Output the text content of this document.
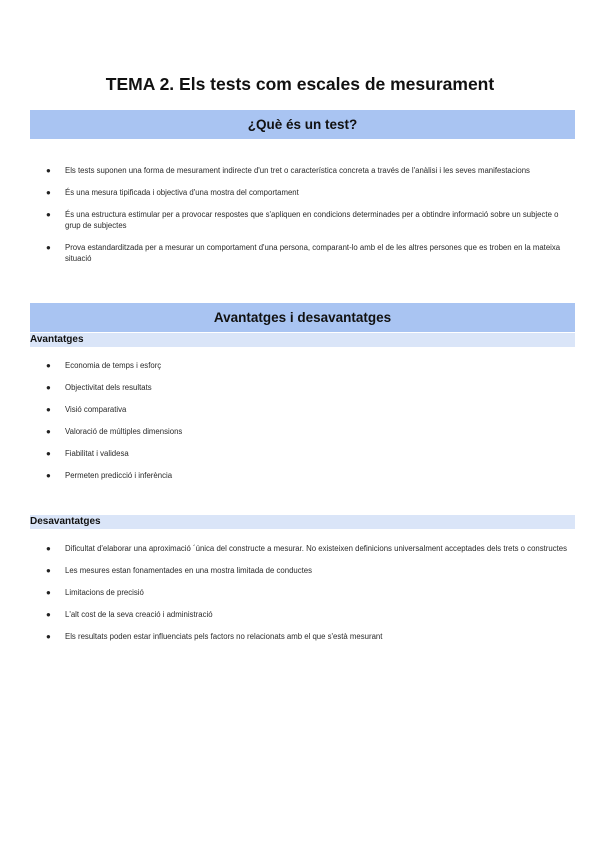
TEMA 2. Els tests com escales de mesurament
¿Què és un test?
● Els tests suponen una forma de mesurament indirecte d'un tret o característica concreta a través de l'anàlisi i les seves manifestacions
● És una mesura tipificada i objectiva d'una mostra del comportament
● És una estructura estimular per a provocar respostes que s'apliquen en condicions determinades per a obtindre informació sobre un subjecte o grup de subjectes
● Prova estandarditzada per a mesurar un comportament d'una persona, comparant-lo amb el de les altres persones que es troben en la mateixa situació
Avantatges i desavantatges
Avantatges
● Economia de temps i esforç
● Objectivitat dels resultats
● Visió comparativa
● Valoració de múltiples dimensions
● Fiabilitat i validesa
● Permeten predicció i inferència
Desavantatges
● Dificultat d'elaborar una aproximació ´única del constructe a mesurar. No existeixen definicions universalment acceptades dels trets o constructes
● Les mesures estan fonamentades en una mostra limitada de conductes
● Limitacions de precisió
● L'alt cost de la seva creació i administració
● Els resultats poden estar influenciats pels factors no relacionats amb el que s'està mesurant
